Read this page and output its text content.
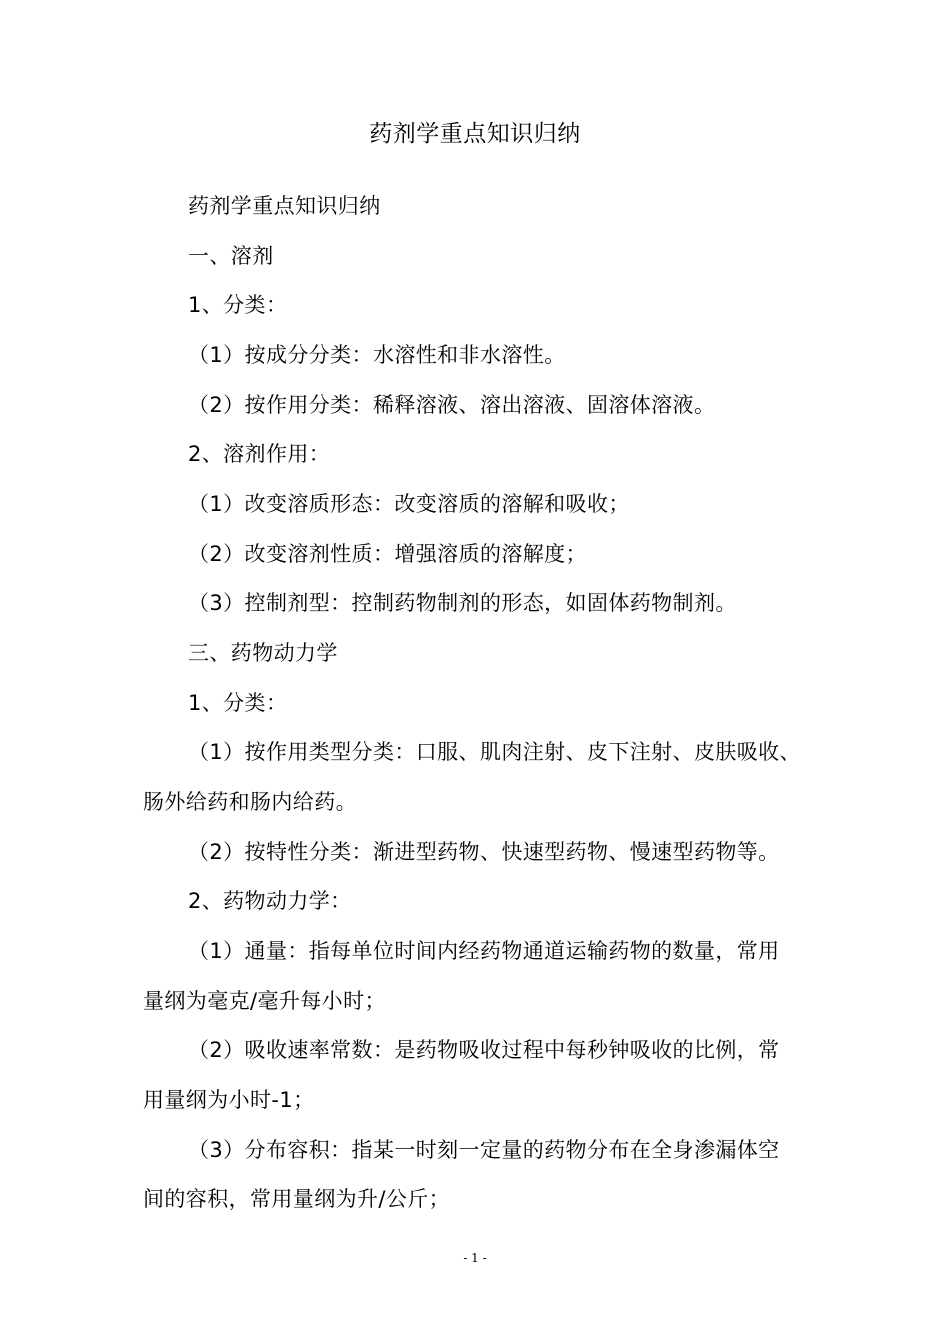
药剂学重点知识归纳
药剂学重点知识归纳
一、溶剂
1、分类：
（1）按成分分类：水溶性和非水溶性。
（2）按作用分类：稀释溶液、溶出溶液、固溶体溶液。
2、溶剂作用：
（1）改变溶质形态：改变溶质的溶解和吸收；
（2）改变溶剂性质：增强溶质的溶解度；
（3）控制剂型：控制药物制剂的形态，如固体药物制剂。
三、药物动力学
1、分类：
（1）按作用类型分类：口服、肌肉注射、皮下注射、皮肤吸收、
肠外给药和肠内给药。
（2）按特性分类：渐进型药物、快速型药物、慢速型药物等。
2、药物动力学：
（1）通量：指每单位时间内经药物通道运输药物的数量，常用
量纲为毫克/毫升每小时；
（2）吸收速率常数：是药物吸收过程中每秒钟吸收的比例，常
用量纲为小时-1；
（3）分布容积：指某一时刻一定量的药物分布在全身渗漏体空
间的容积，常用量纲为升/公斤；
- 1 -
